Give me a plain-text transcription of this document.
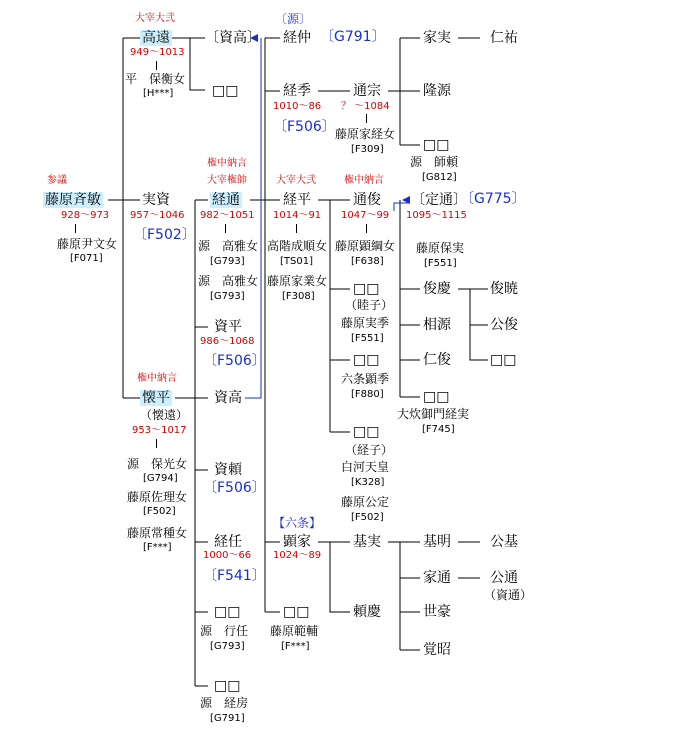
参議
藤原斉敏
928〜973
藤原尹文女
[F071]
大宰大弐
高遠
949〜1013
平　保衡女
[H***]
実資
957〜1046
〔F502〕
権中納言
懐平
（懐遠）
953〜1017
源　保光女
[G794]
藤原佐理女
[F502]
藤原常種女
[F***]
〔資高〕
□□
権中納言
大宰権帥
経通
982〜1051
源　高雅女
[G793]
源　高雅女
[G793]
資平
986〜1068
〔F506〕
資高
資頼
〔F506〕
経任
1000〜66
〔F541〕
□□
源　行任
[G793]
□□
源　経房
[G791]
〔源〕
経仲 〔G791〕
経季
1010〜86
〔F506〕
大宰大弐
経平
1014〜91
高階成順女
[TS01]
藤原家業女
[F308]
【六条】
顕家
1024〜89
□□
藤原範輔
[F***]
通宗
？ 〜1084
藤原家経女
[F309]
権中納言
通俊
1047〜99
藤原顕綱女
[F638]
□□
（睦子）
藤原実季
[F551]
□□
六条顕季
[F880]
□□
（経子）
白河天皇
[K328]
藤原公定
[F502]
基実
頼慶
家実
隆源
□□
源　師頼
[G812]
〔定通〕
〔G775〕
1095〜1115
藤原保実
[F551]
俊慶
相源
仁俊
□□
大炊御門経実
[F745]
基明
家通
世豪
覚昭
仁祐
俊暁
公俊
□□
公基
公通
（資通）
